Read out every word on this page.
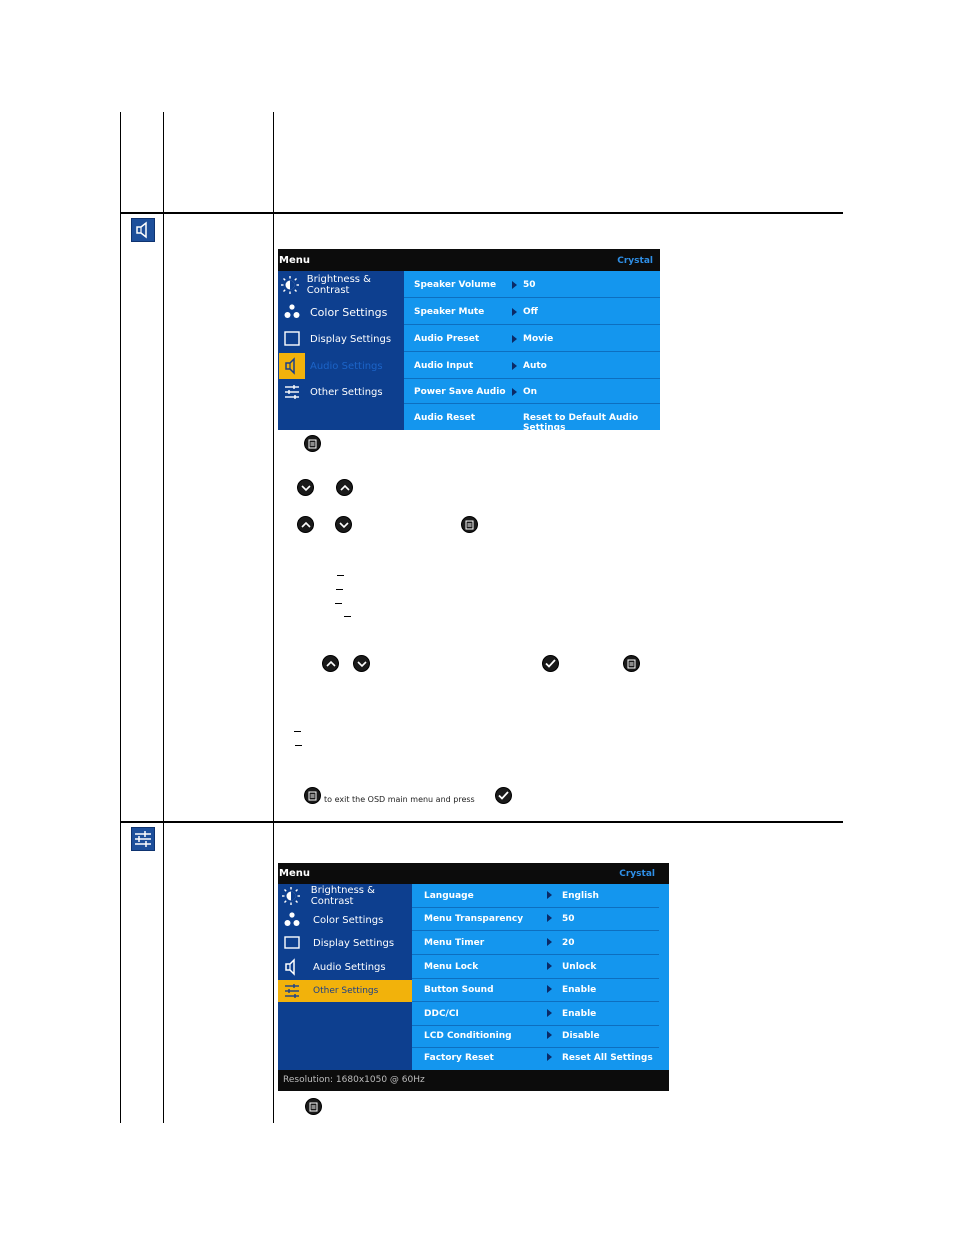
Menu	Crystal
Brightness & Contrast
Color Settings
Display Settings
Audio Settings
Other Settings
Speaker Volume	50
Speaker Mute	Off
Audio Preset	Movie
Audio Input	Auto
Power Save Audio On
Audio Reset	Reset to Default Audio Settings
to exit the OSD main menu and press
Menu	Crystal
Brightness & Contrast
Color Settings
Display Settings
Audio Settings
Other Settings
Language	English
Menu Transparency	50
Menu Timer	20
Menu Lock	Unlock
Button Sound	Enable
DDC/CI	Enable
LCD Conditioning	Disable
Factory Reset	Reset All Settings
Resolution: 1680x1050 @ 60Hz
